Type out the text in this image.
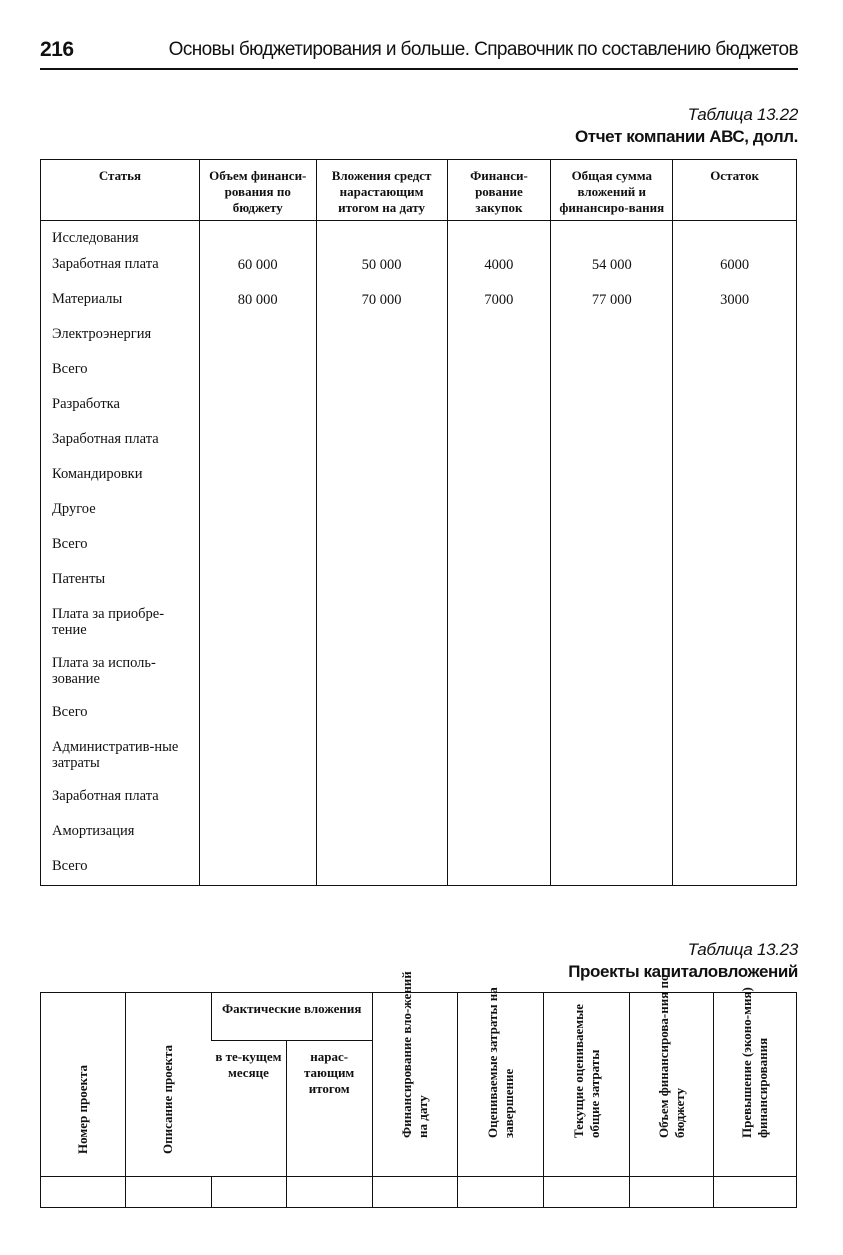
216	Основы бюджетирования и больше. Справочник по составлению бюджетов
Таблица 13.22
Отчет компании АВС, долл.
Статья	Объем финанси-рования по бюджету	Вложения средст нарастающим итогом на дату	Финанси-рование закупок	Общая сумма вложений и финансиро-вания	Остаток
Исследования					
Заработная плата	60 000	50 000	4000	54 000	6000
Материалы	80 000	70 000	7000	77 000	3000
Электроэнергия					
Всего					
Разработка					
Заработная плата					
Командировки					
Другое					
Всего					
Патенты					
Плата за приобре-тение					
Плата за исполь-зование					
Всего					
Административ-ные затраты					
Заработная плата					
Амортизация					
Всего					
Таблица 13.23
Проекты капиталовложений
Номер проекта	Описание проекта	Фактические вложения		Финансирование вло-жений на дату	Оцениваемые затраты на завершение	Текущие оцениваемые общие затраты	Объем финансирова-ния по бюджету	Превышение (эконо-мия) финансирования

		в те-кущем месяце	нарас-тающим итогом					
